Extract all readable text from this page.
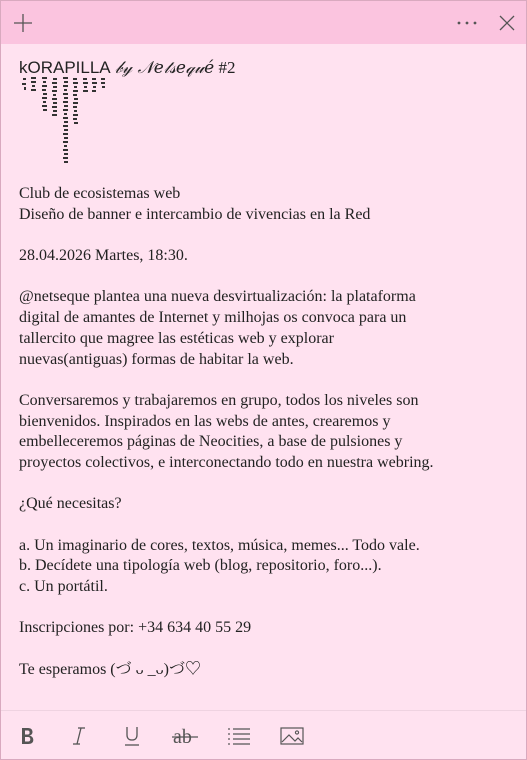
kORAPILLA 𝒷𝓎 𝒩𝑒𝓉𝓈𝑒𝓆𝓊𝑒́ #2
Club de ecosistemas web
Diseño de banner e intercambio de vivencias en la Red
28.04.2026 Martes, 18:30.
@netseque plantea una nueva desvirtualización: la plataforma
digital de amantes de Internet y milhojas os convoca para un
tallercito que magree las estéticas web y explorar
nuevas(antiguas) formas de habitar la web.
Conversaremos y trabajaremos en grupo, todos los niveles son
bienvenidos. Inspirados en las webs de antes, crearemos y
embelleceremos páginas de Neocities, a base de pulsiones y
proyectos colectivos, e interconectando todo en nuestra webring.
¿Qué necesitas?
a. Un imaginario de cores, textos, música, memes... Todo vale.
b. Decídete una tipología web (blog, repositorio, foro...).
c. Un portátil.
Inscripciones por: +34 634 40 55 29
Te esperamos (づ ᴗ _ᴗ)づ♡
ab
